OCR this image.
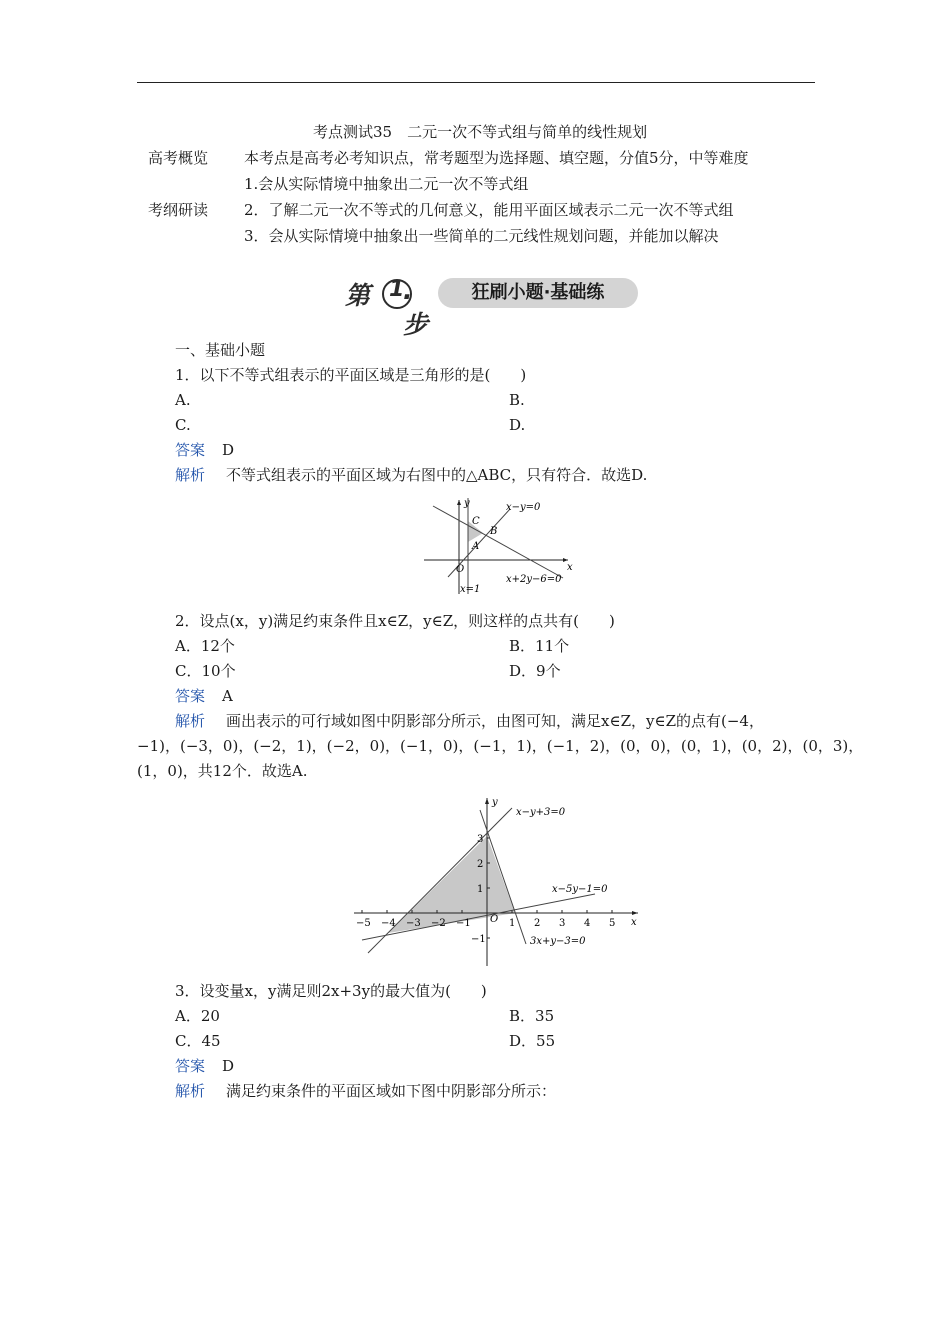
考点测试35　二元一次不等式组与简单的线性规划
高考概览 本考点是高考必考知识点，常考题型为选择题、填空题，分值5分，中等难度
1.会从实际情境中抽象出二元一次不等式组
考纲研读 2．了解二元一次不等式的几何意义，能用平面区域表示二元一次不等式组
3．会从实际情境中抽象出一些简单的二元线性规划问题，并能加以解决
第 1
.步
狂刷小题·基础练
一、基础小题
1．以下不等式组表示的平面区域是三角形的是(　　)
A.	B.
C.	D.
答案 D
解析 不等式组表示的平面区域为右图中的△ABC，只有符合．故选D.
y
x
x−y=0
x+2y−6=0
x=1
C
B
A
O
2．设点(x，y)满足约束条件且x∈Z，y∈Z，则这样的点共有(　　)
A．12个	B．11个
C．10个	D．9个
答案 A
解析 画出表示的可行域如图中阴影部分所示，由图可知，满足x∈Z，y∈Z的点有(−4，
−1)，(−3，0)，(−2，1)，(−2，0)，(−1，0)，(−1，1)，(−1，2)，(0，0)，(0，1)，(0，2)，(0，3)，
(1，0)，共12个．故选A.
−5 −4 −3 −2 −1	1 2 3 4 5
3
2
1
−1
O	x
y
x−y+3=0
x−5y−1=0
3x+y−3=0
3．设变量x，y满足则2x+3y的最大值为(　　)
A．20	B．35
C．45	D．55
答案 D
解析 满足约束条件的平面区域如下图中阴影部分所示：
